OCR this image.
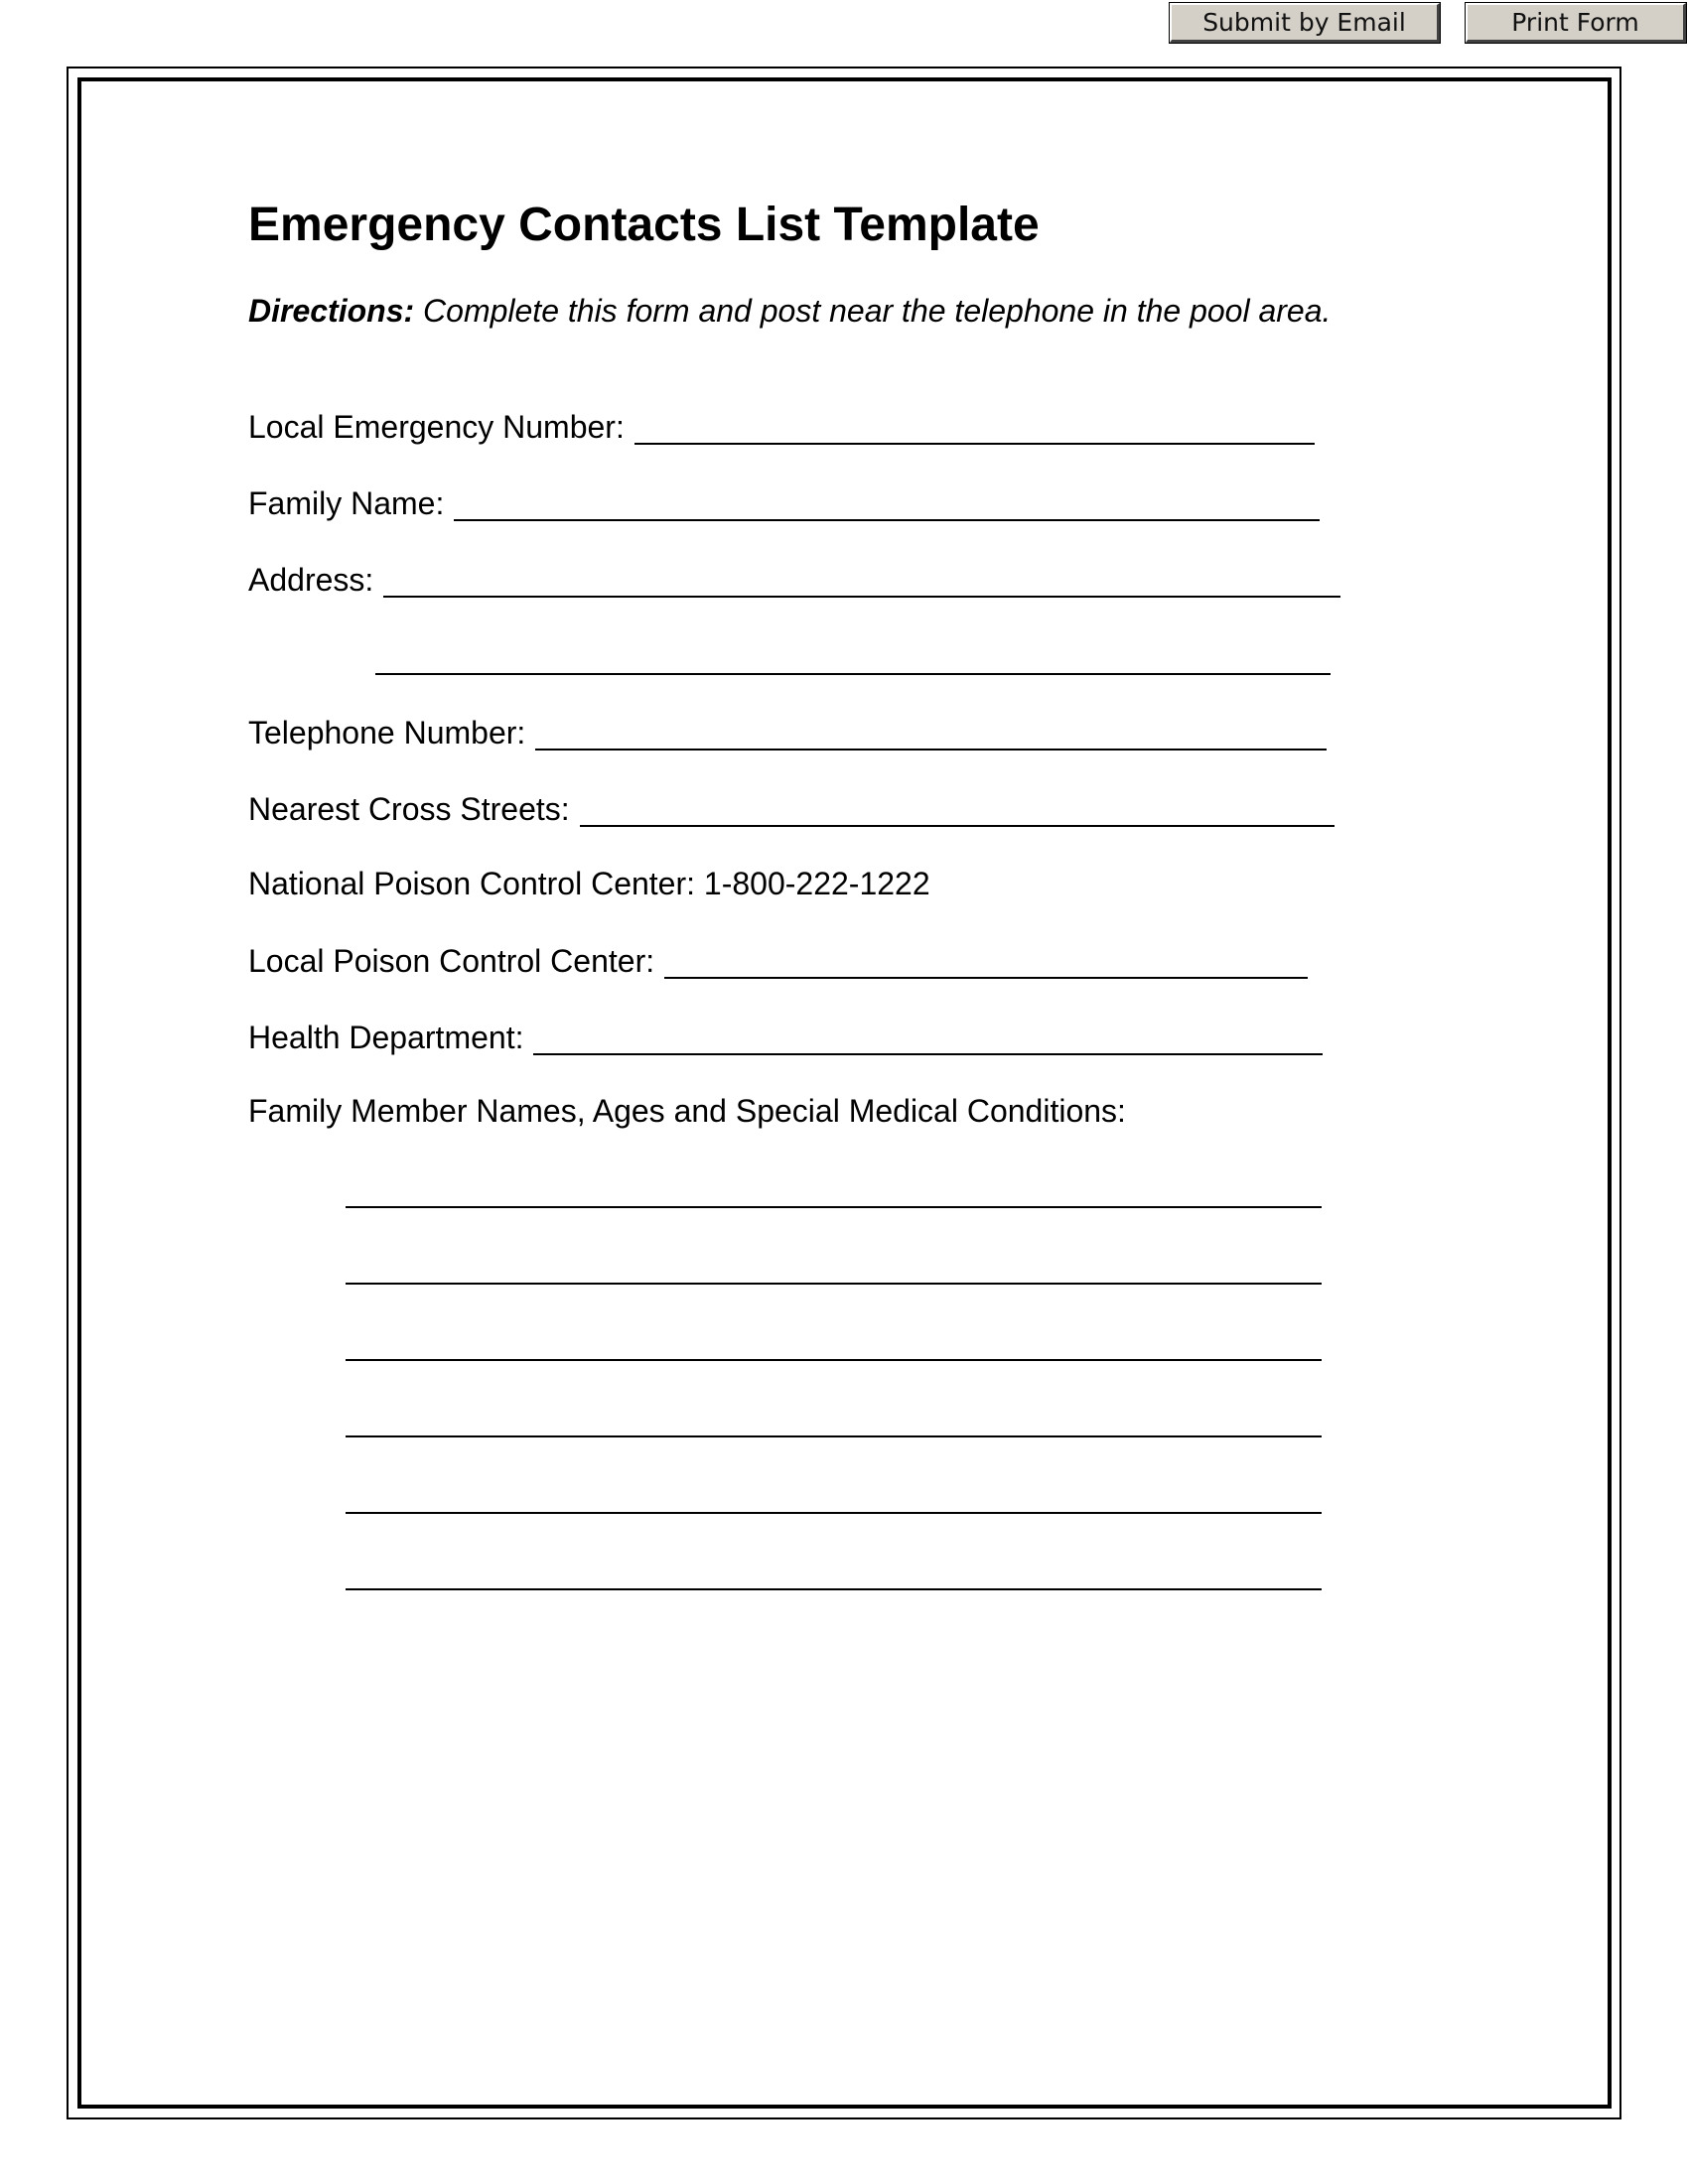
Submit by Email	Print Form
Emergency Contacts List Template
Directions: Complete this form and post near the telephone in the pool area.
Local Emergency Number:
Family Name:
Address:
Telephone Number:
Nearest Cross Streets:
National Poison Control Center: 1-800-222-1222
Local Poison Control Center:
Health Department:
Family Member Names, Ages and Special Medical Conditions:
